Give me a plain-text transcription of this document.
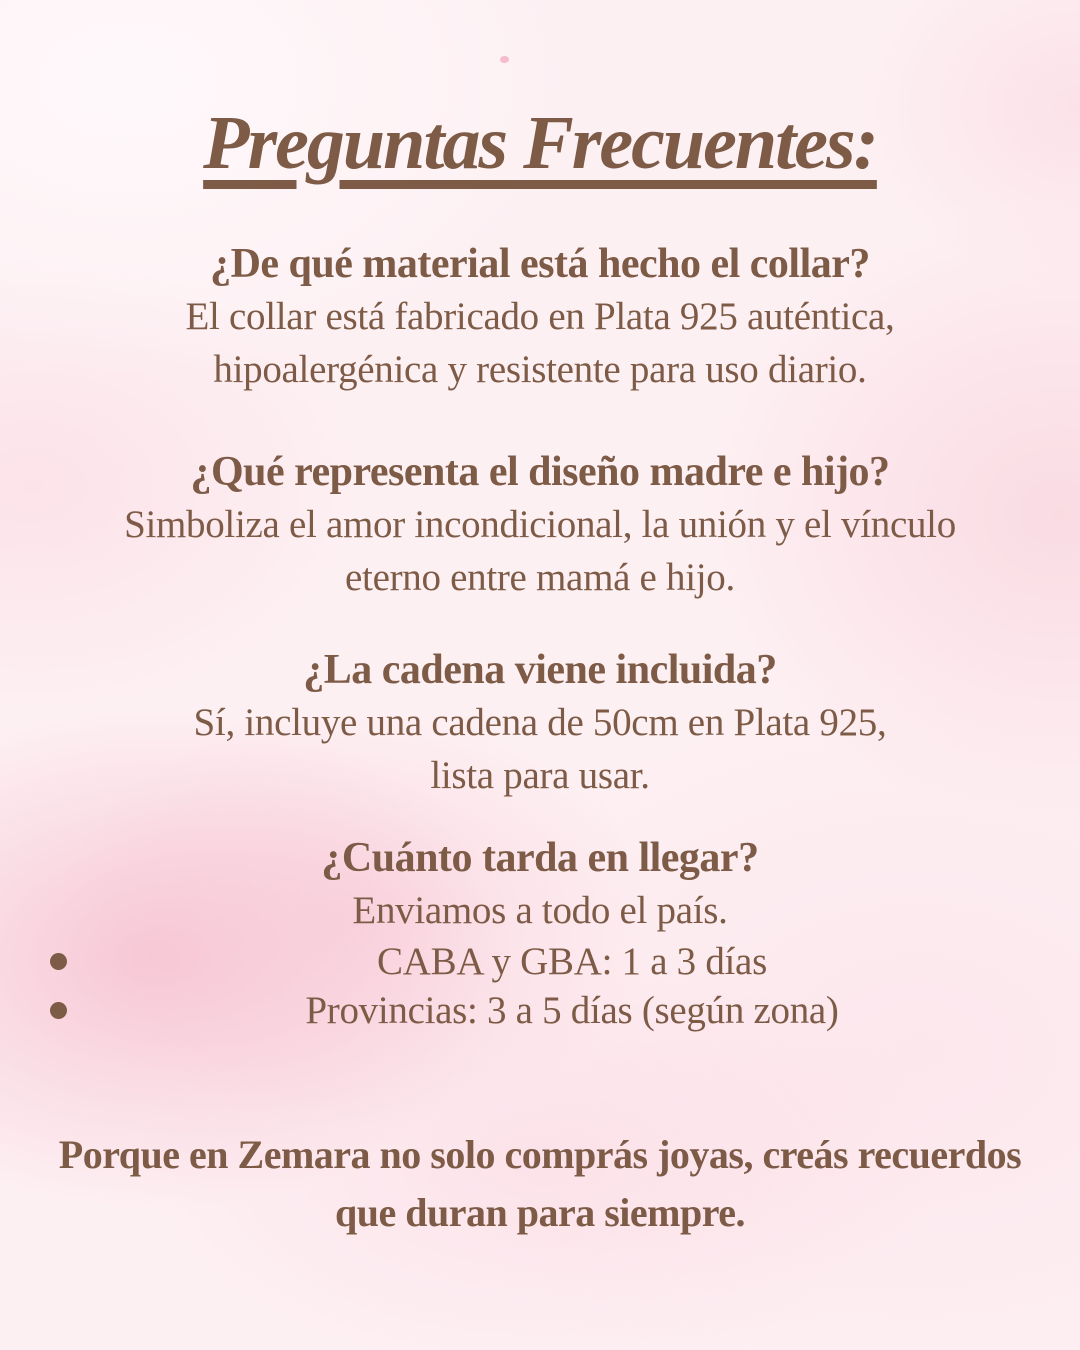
Preguntas Frecuentes:
¿De qué material está hecho el collar?

El collar está fabricado en Plata 925 auténtica,

hipoalergénica y resistente para uso diario.

¿Qué representa el diseño madre e hijo?

Simboliza el amor incondicional, la unión y el vínculo

eterno entre mamá e hijo.

¿La cadena viene incluida?

Sí, incluye una cadena de 50cm en Plata 925,

lista para usar.

¿Cuánto tarda en llegar?

Enviamos a todo el país.

CABA y GBA: 1 a 3 días

Provincias: 3 a 5 días (según zona)

Porque en Zemara no solo comprás joyas, creás recuerdos

que duran para siempre.
